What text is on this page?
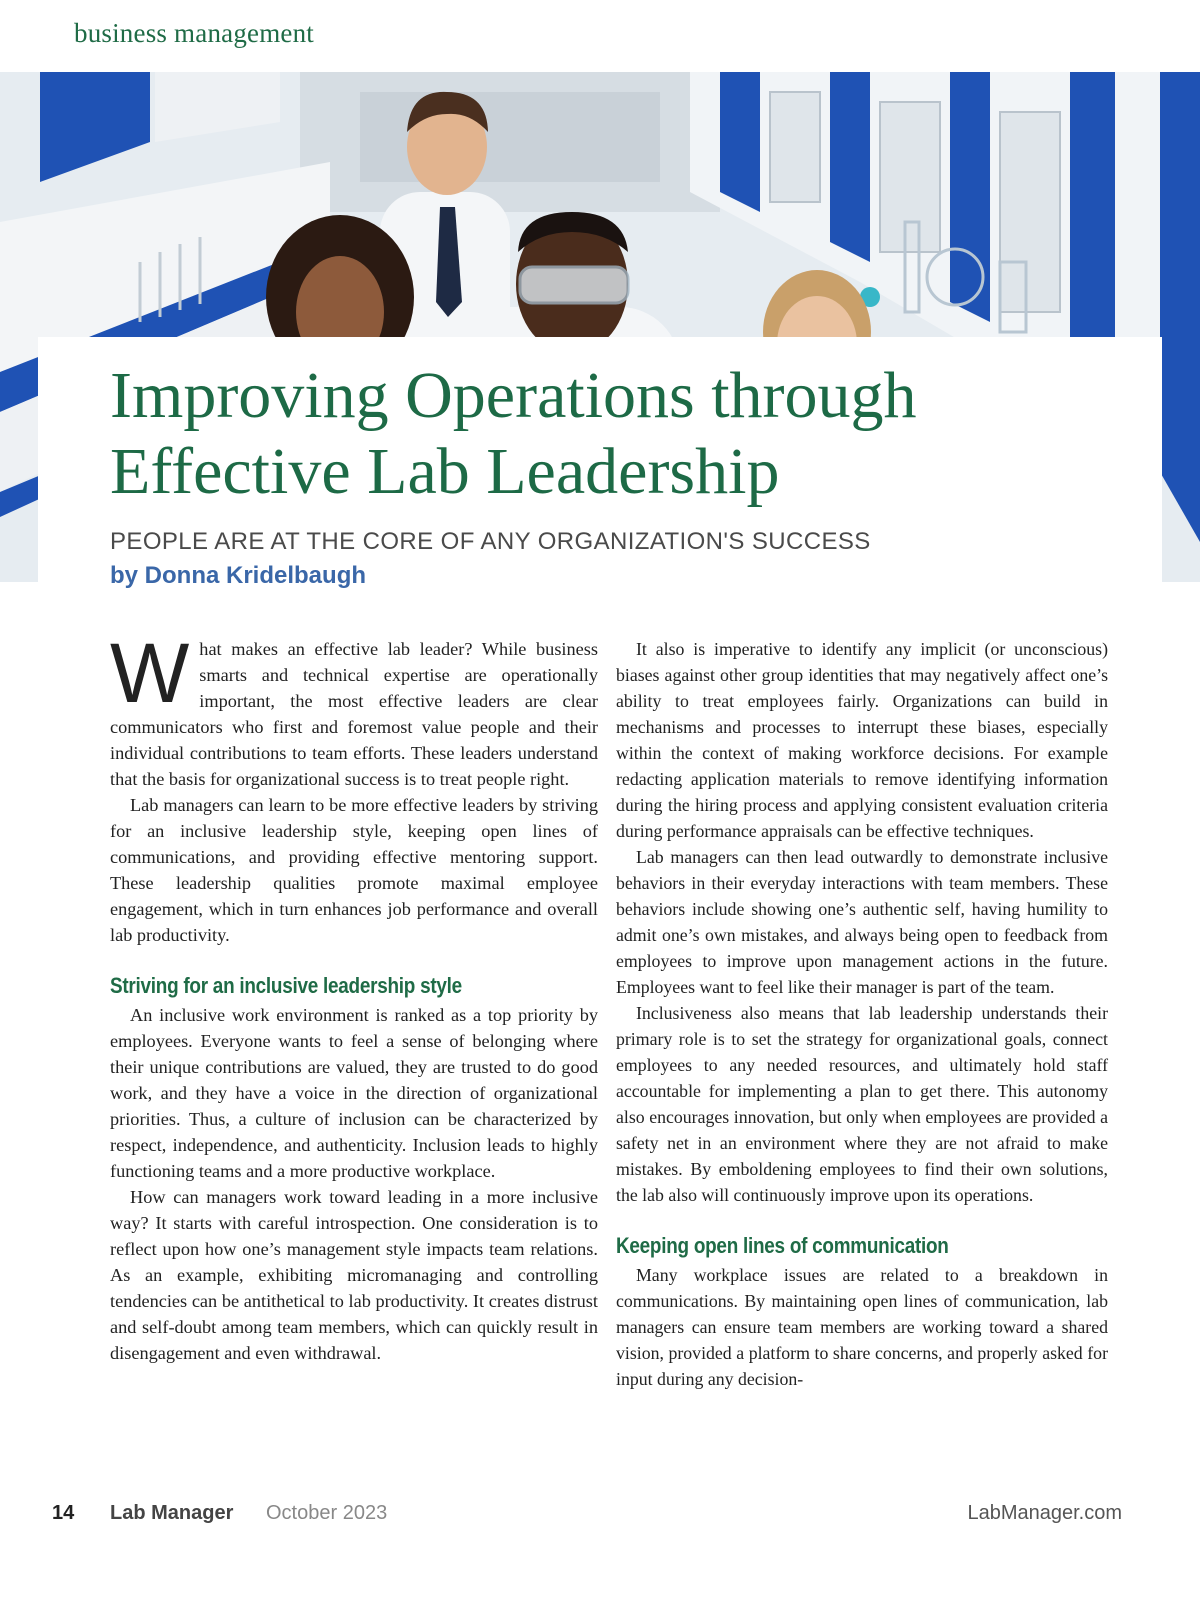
business management
Improving Operations through Effective Lab Leadership
PEOPLE ARE AT THE CORE OF ANY ORGANIZATION'S SUCCESS
by Donna Kridelbaugh

What makes an effective lab leader? While business smarts and technical expertise are operationally important, the most effective leaders are clear communicators who first and foremost value people and their individual contributions to team efforts. These leaders understand that the basis for organizational success is to treat people right.

Lab managers can learn to be more effective leaders by striving for an inclusive leadership style, keeping open lines of communications, and providing effective mentoring support. These leadership qualities promote maximal employee engagement, which in turn enhances job performance and overall lab productivity.

Striving for an inclusive leadership style

An inclusive work environment is ranked as a top priority by employees. Everyone wants to feel a sense of belonging where their unique contributions are valued, they are trusted to do good work, and they have a voice in the direction of organizational priorities. Thus, a culture of inclusion can be characterized by respect, independence, and authenticity. Inclusion leads to highly functioning teams and a more productive workplace.

How can managers work toward leading in a more inclusive way? It starts with careful introspection. One consideration is to reflect upon how one’s management style impacts team relations. As an example, exhibiting micromanaging and controlling tendencies can be antithetical to lab productivity. It creates distrust and self-doubt among team members, which can quickly result in disengagement and even withdrawal.

It also is imperative to identify any implicit (or unconscious) biases against other group identities that may negatively affect one’s ability to treat employees fairly. Organizations can build in mechanisms and processes to interrupt these biases, especially within the context of making workforce decisions. For example redacting application materials to remove identifying information during the hiring process and applying consistent evaluation criteria during performance appraisals can be effective techniques.

Lab managers can then lead outwardly to demonstrate inclusive behaviors in their everyday interactions with team members. These behaviors include showing one’s authentic self, having humility to admit one’s own mistakes, and always being open to feedback from employees to improve upon management actions in the future. Employees want to feel like their manager is part of the team.

Inclusiveness also means that lab leadership understands their primary role is to set the strategy for organizational goals, connect employees to any needed resources, and ultimately hold staff accountable for implementing a plan to get there. This autonomy also encourages innovation, but only when employees are provided a safety net in an environment where they are not afraid to make mistakes. By emboldening employees to find their own solutions, the lab also will continuously improve upon its operations.

Keeping open lines of communication

Many workplace issues are related to a breakdown in communications. By maintaining open lines of communication, lab managers can ensure team members are working toward a shared vision, provided a platform to share concerns, and properly asked for input during any decision-

14 Lab Manager October 2023	LabManager.com
